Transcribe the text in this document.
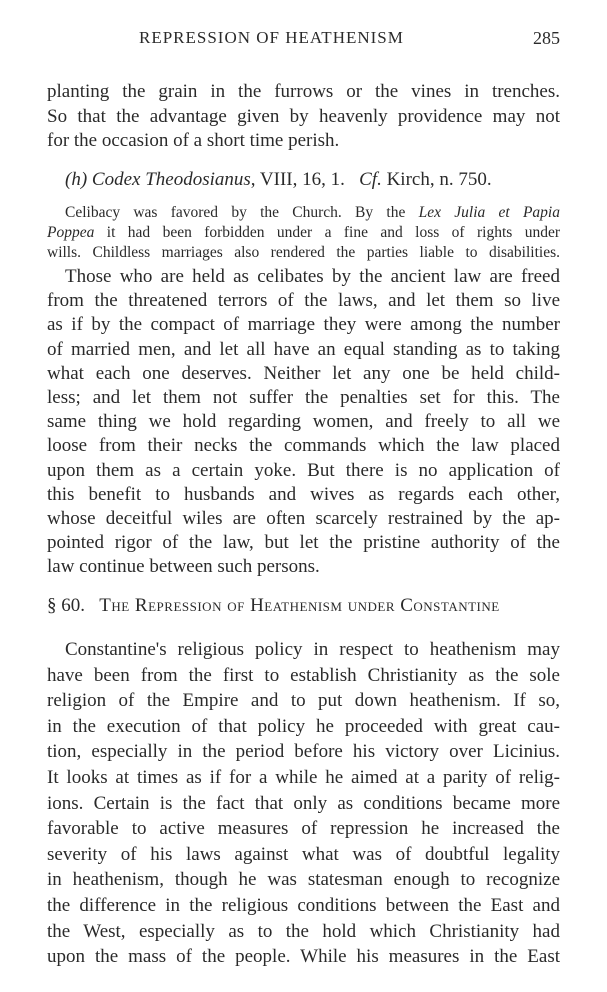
REPRESSION OF HEATHENISM	285
planting the grain in the furrows or the vines in trenches.
So that the advantage given by heavenly providence may not
for the occasion of a short time perish.
(h) Codex Theodosianus, VIII, 16, 1. Cf. Kirch, n. 750.
Celibacy was favored by the Church. By the Lex Julia et Papia
Poppea it had been forbidden under a fine and loss of rights under
wills. Childless marriages also rendered the parties liable to disabilities.
Those who are held as celibates by the ancient law are freed
from the threatened terrors of the laws, and let them so live
as if by the compact of marriage they were among the number
of married men, and let all have an equal standing as to taking
what each one deserves. Neither let any one be held child-
less; and let them not suffer the penalties set for this. The
same thing we hold regarding women, and freely to all we
loose from their necks the commands which the law placed
upon them as a certain yoke. But there is no application of
this benefit to husbands and wives as regards each other,
whose deceitful wiles are often scarcely restrained by the ap-
pointed rigor of the law, but let the pristine authority of the
law continue between such persons.
§ 60. The Repression of Heathenism under Constantine
Constantine's religious policy in respect to heathenism may
have been from the first to establish Christianity as the sole
religion of the Empire and to put down heathenism. If so,
in the execution of that policy he proceeded with great cau-
tion, especially in the period before his victory over Licinius.
It looks at times as if for a while he aimed at a parity of relig-
ions. Certain is the fact that only as conditions became more
favorable to active measures of repression he increased the
severity of his laws against what was of doubtful legality
in heathenism, though he was statesman enough to recognize
the difference in the religious conditions between the East and
the West, especially as to the hold which Christianity had
upon the mass of the people. While his measures in the East
